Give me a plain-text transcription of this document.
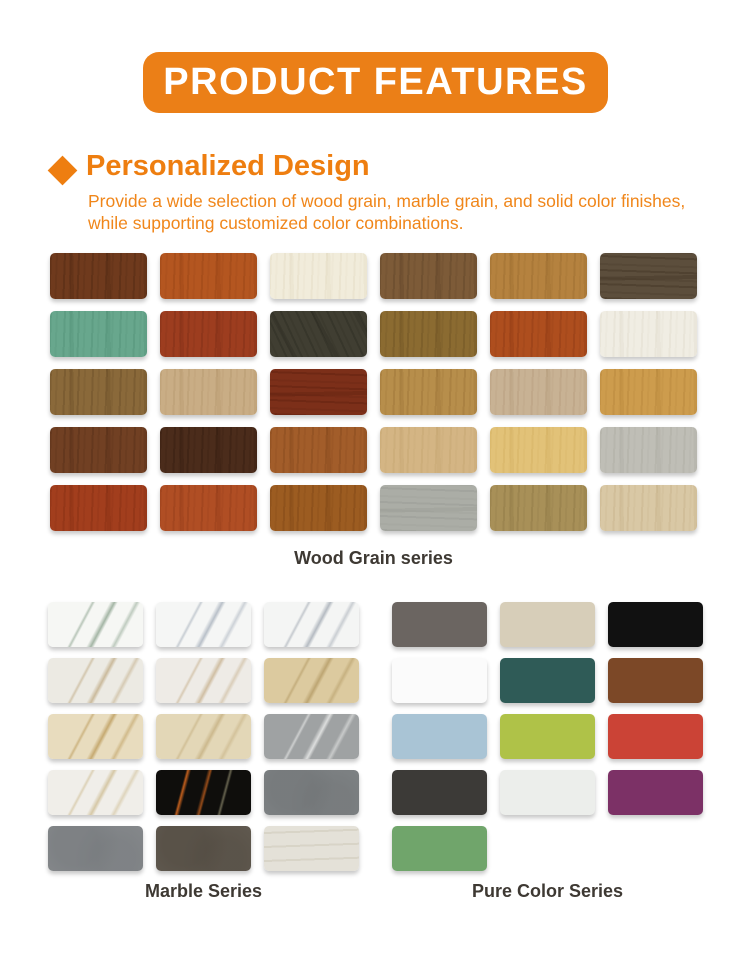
PRODUCT FEATURES
Personalized Design

Provide a wide selection of wood grain, marble grain, and solid color finishes, while supporting customized color combinations.

Wood Grain series
Marble Series	Pure Color Series
